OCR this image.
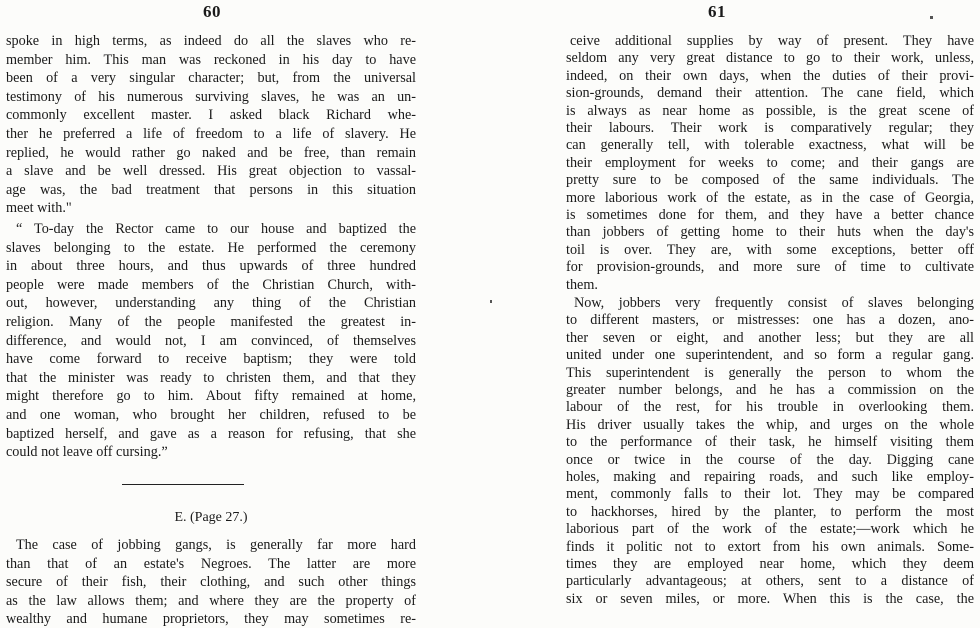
60	61
E. (Page 27.)
spoke in high terms, as indeed do all the slaves who re-
member him. This man was reckoned in his day to have
been of a very singular character; but, from the universal
testimony of his numerous surviving slaves, he was an un-
commonly excellent master. I asked black Richard whe-
ther he preferred a life of freedom to a life of slavery. He
replied, he would rather go naked and be free, than remain
a slave and be well dressed. His great objection to vassal-
age was, the bad treatment that persons in this situation
meet with."
“ To-day the Rector came to our house and baptized the
slaves belonging to the estate. He performed the ceremony
in about three hours, and thus upwards of three hundred
people were made members of the Christian Church, with-
out, however, understanding any thing of the Christian
religion. Many of the people manifested the greatest in-
difference, and would not, I am convinced, of themselves
have come forward to receive baptism; they were told
that the minister was ready to christen them, and that they
might therefore go to him. About fifty remained at home,
and one woman, who brought her children, refused to be
baptized herself, and gave as a reason for refusing, that she
could not leave off cursing.”
The case of jobbing gangs, is generally far more hard
than that of an estate's Negroes. The latter are more
secure of their fish, their clothing, and such other things
as the law allows them; and where they are the property of
wealthy and humane proprietors, they may sometimes re-
ceive additional supplies by way of present. They have
seldom any very great distance to go to their work, unless,
indeed, on their own days, when the duties of their provi-
sion-grounds, demand their attention. The cane field, which
is always as near home as possible, is the great scene of
their labours. Their work is comparatively regular; they
can generally tell, with tolerable exactness, what will be
their employment for weeks to come; and their gangs are
pretty sure to be composed of the same individuals. The
more laborious work of the estate, as in the case of Georgia,
is sometimes done for them, and they have a better chance
than jobbers of getting home to their huts when the day's
toil is over. They are, with some exceptions, better off
for provision-grounds, and more sure of time to cultivate
them.
Now, jobbers very frequently consist of slaves belonging
to different masters, or mistresses: one has a dozen, ano-
ther seven or eight, and another less; but they are all
united under one superintendent, and so form a regular gang.
This superintendent is generally the person to whom the
greater number belongs, and he has a commission on the
labour of the rest, for his trouble in overlooking them.
His driver usually takes the whip, and urges on the whole
to the performance of their task, he himself visiting them
once or twice in the course of the day. Digging cane
holes, making and repairing roads, and such like employ-
ment, commonly falls to their lot. They may be compared
to hackhorses, hired by the planter, to perform the most
laborious part of the work of the estate;—work which he
finds it politic not to extort from his own animals. Some-
times they are employed near home, which they deem
particularly advantageous; at others, sent to a distance of
six or seven miles, or more. When this is the case, the
